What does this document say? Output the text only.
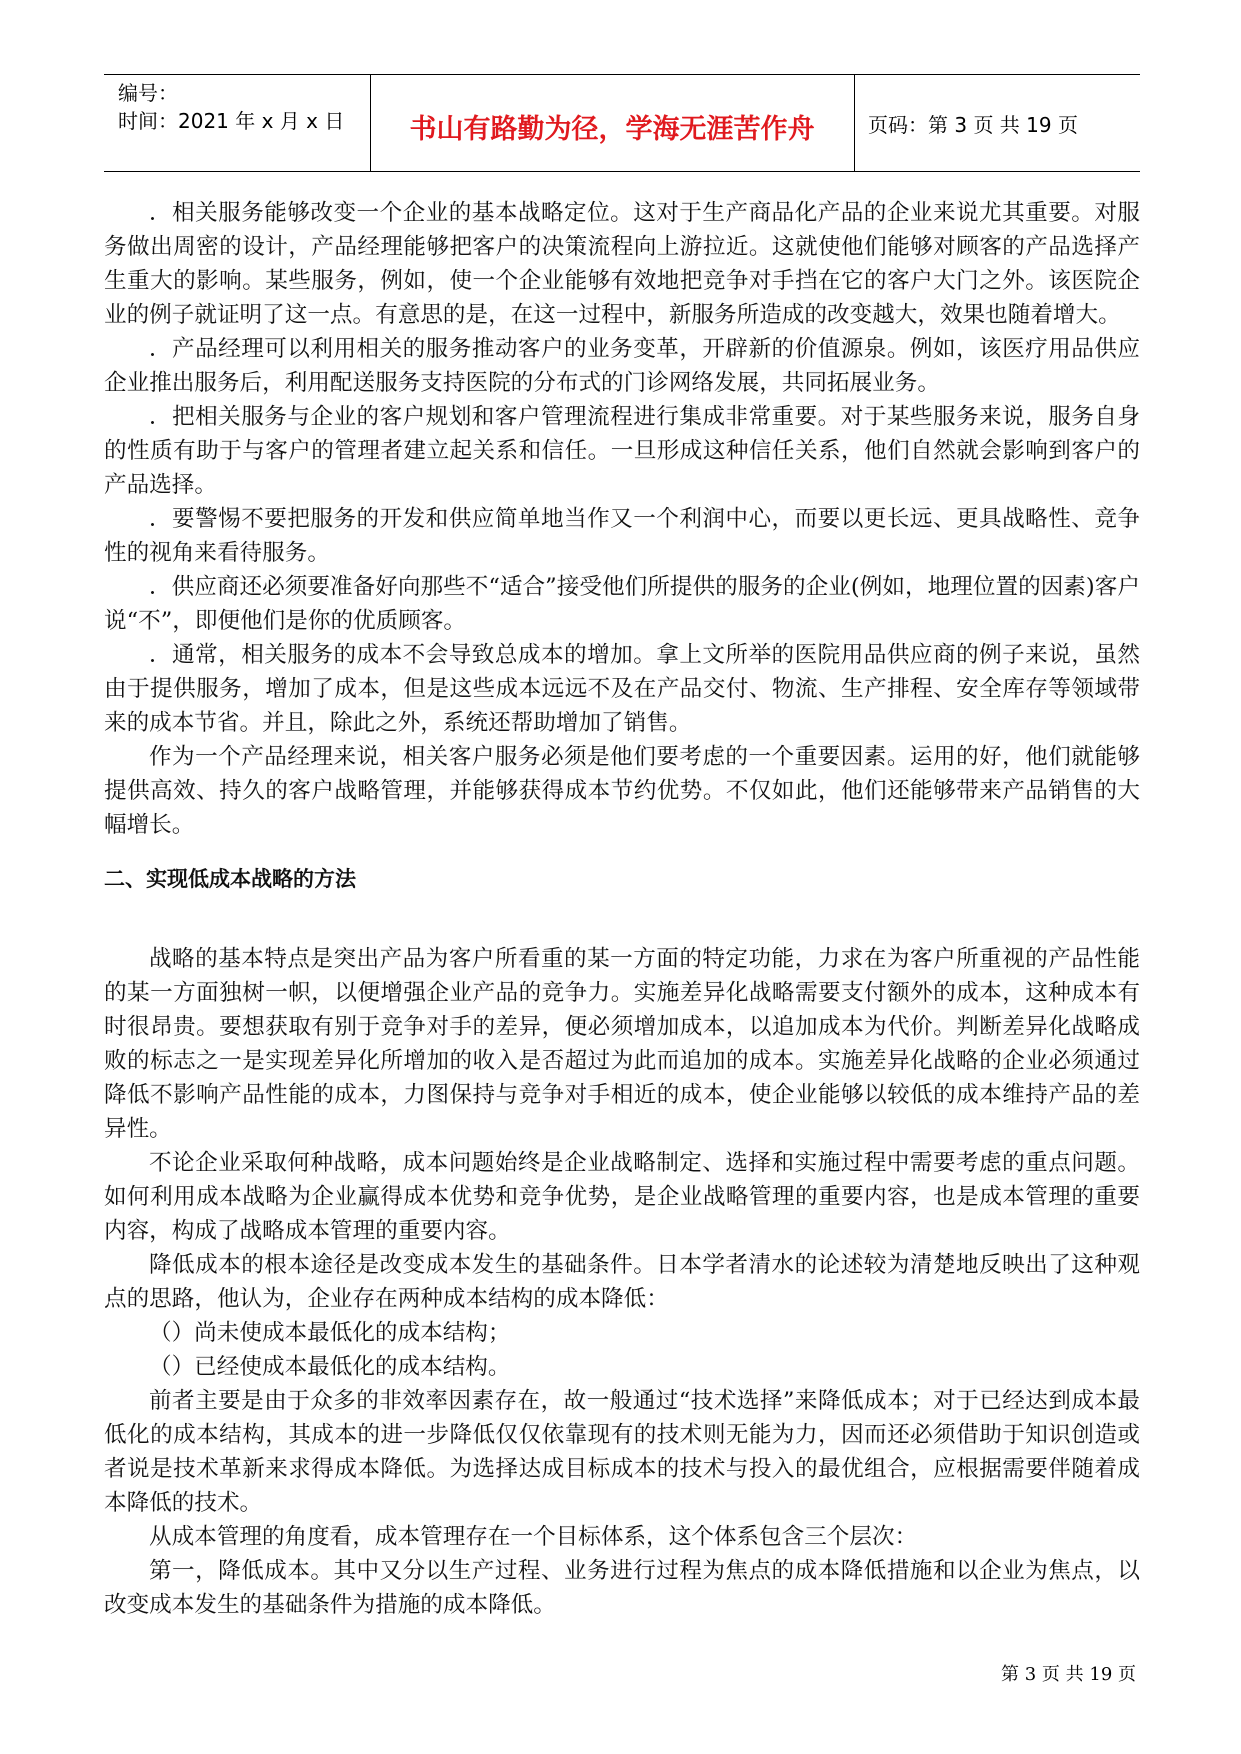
编号：
时间：2021 年 x 月 x 日	书山有路勤为径，学海无涯苦作舟	页码：第 3 页 共 19 页

．相关服务能够改变一个企业的基本战略定位。这对于生产商品化产品的企业来说尤其重要。对服务做出周密的设计，产品经理能够把客户的决策流程向上游拉近。这就使他们能够对顾客的产品选择产生重大的影响。某些服务，例如，使一个企业能够有效地把竞争对手挡在它的客户大门之外。该医院企业的例子就证明了这一点。有意思的是，在这一过程中，新服务所造成的改变越大，效果也随着增大。

．产品经理可以利用相关的服务推动客户的业务变革，开辟新的价值源泉。例如，该医疗用品供应企业推出服务后，利用配送服务支持医院的分布式的门诊网络发展，共同拓展业务。

．把相关服务与企业的客户规划和客户管理流程进行集成非常重要。对于某些服务来说，服务自身的性质有助于与客户的管理者建立起关系和信任。一旦形成这种信任关系，他们自然就会影响到客户的产品选择。

．要警惕不要把服务的开发和供应简单地当作又一个利润中心，而要以更长远、更具战略性、竞争性的视角来看待服务。

．供应商还必须要准备好向那些不“适合”接受他们所提供的服务的企业(例如，地理位置的因素)客户说“不”，即便他们是你的优质顾客。

．通常，相关服务的成本不会导致总成本的增加。拿上文所举的医院用品供应商的例子来说，虽然由于提供服务，增加了成本，但是这些成本远远不及在产品交付、物流、生产排程、安全库存等领域带来的成本节省。并且，除此之外，系统还帮助增加了销售。

作为一个产品经理来说，相关客户服务必须是他们要考虑的一个重要因素。运用的好，他们就能够提供高效、持久的客户战略管理，并能够获得成本节约优势。不仅如此，他们还能够带来产品销售的大幅增长。

二、实现低成本战略的方法

战略的基本特点是突出产品为客户所看重的某一方面的特定功能，力求在为客户所重视的产品性能的某一方面独树一帜，以便增强企业产品的竞争力。实施差异化战略需要支付额外的成本，这种成本有时很昂贵。要想获取有别于竞争对手的差异，便必须增加成本，以追加成本为代价。判断差异化战略成败的标志之一是实现差异化所增加的收入是否超过为此而追加的成本。实施差异化战略的企业必须通过降低不影响产品性能的成本，力图保持与竞争对手相近的成本，使企业能够以较低的成本维持产品的差异性。

不论企业采取何种战略，成本问题始终是企业战略制定、选择和实施过程中需要考虑的重点问题。如何利用成本战略为企业赢得成本优势和竞争优势，是企业战略管理的重要内容，也是成本管理的重要内容，构成了战略成本管理的重要内容。

降低成本的根本途径是改变成本发生的基础条件。日本学者清水的论述较为清楚地反映出了这种观点的思路，他认为，企业存在两种成本结构的成本降低：

（）尚未使成本最低化的成本结构；

（）已经使成本最低化的成本结构。

前者主要是由于众多的非效率因素存在，故一般通过“技术选择”来降低成本；对于已经达到成本最低化的成本结构，其成本的进一步降低仅仅依靠现有的技术则无能为力，因而还必须借助于知识创造或者说是技术革新来求得成本降低。为选择达成目标成本的技术与投入的最优组合，应根据需要伴随着成本降低的技术。

从成本管理的角度看，成本管理存在一个目标体系，这个体系包含三个层次：

第一，降低成本。其中又分以生产过程、业务进行过程为焦点的成本降低措施和以企业为焦点，以改变成本发生的基础条件为措施的成本降低。

第 3 页 共 19 页
